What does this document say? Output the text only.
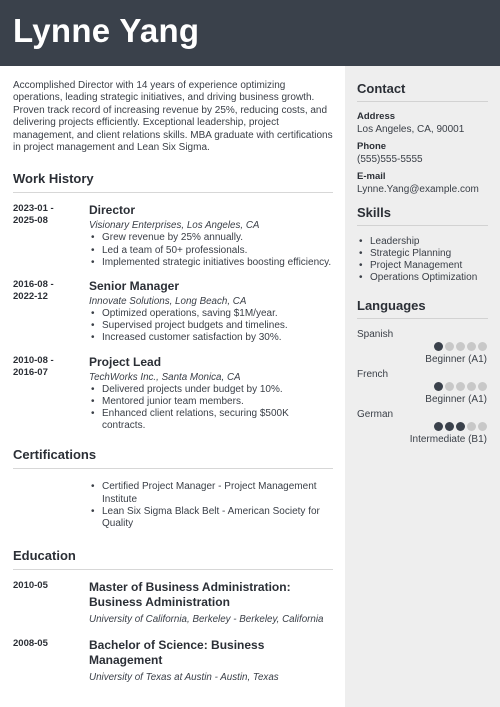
Lynne Yang
Contact
Address
Los Angeles, CA, 90001
Phone
(555)555-5555
E-mail
Lynne.Yang@example.com
Skills
• Leadership
• Strategic Planning
• Project Management
• Operations Optimization
Languages
Spanish
Beginner (A1)
French
Beginner (A1)
German
Intermediate (B1)

Accomplished Director with 14 years of experience optimizing operations, leading strategic initiatives, and driving business growth. Proven track record of increasing revenue by 25%, reducing costs, and delivering projects efficiently. Exceptional leadership, project management, and client relations skills. MBA graduate with certifications in project management and Lean Six Sigma.

Work History
2023-01 -
2025-08
Director
Visionary Enterprises, Los Angeles, CA
• Grew revenue by 25% annually.
• Led a team of 50+ professionals.
• Implemented strategic initiatives boosting efficiency.
2016-08 -
2022-12
Senior Manager
Innovate Solutions, Long Beach, CA
• Optimized operations, saving $1M/year.
• Supervised project budgets and timelines.
• Increased customer satisfaction by 30%.
2010-08 -
2016-07
Project Lead
TechWorks Inc., Santa Monica, CA
• Delivered projects under budget by 10%.
• Mentored junior team members.
• Enhanced client relations, securing $500K contracts.
Certifications
• Certified Project Manager - Project Management Institute
• Lean Six Sigma Black Belt - American Society for Quality
Education
2010-05	Master of Business Administration: Business Administration
University of California, Berkeley - Berkeley, California
2008-05	Bachelor of Science: Business Management
University of Texas at Austin - Austin, Texas
